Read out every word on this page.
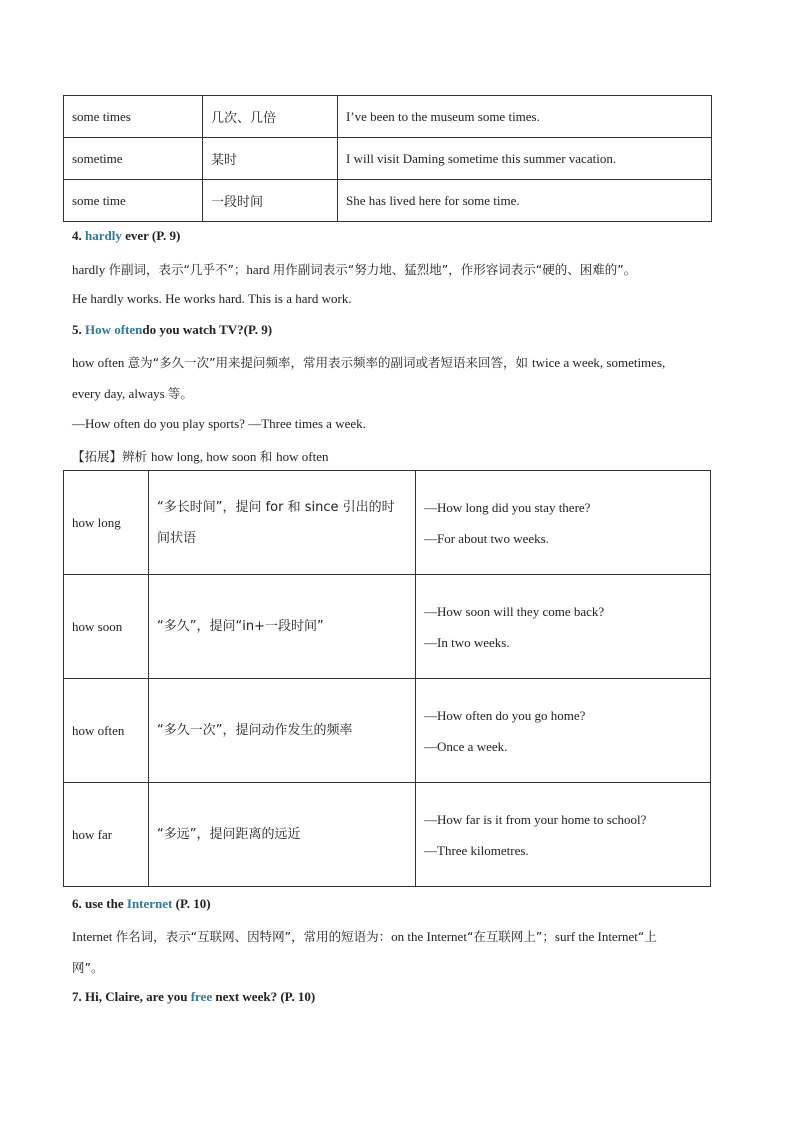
some times	几次、几倍	I’ve been to the museum some times.
sometime	某时	I will visit Daming sometime this summer vacation.
some time	一段时间	She has lived here for some time.
4. hardly ever (P. 9)
hardly 作副词，表示“几乎不”；hard 用作副词表示“努力地、猛烈地”，作形容词表示“硬的、困难的”。
He hardly works. He works hard. This is a hard work.
5. How oftendo you watch TV?(P. 9)
how often 意为“多久一次”用来提问频率，常用表示频率的副词或者短语来回答，如 twice a week, sometimes,
every day, always 等。
—How often do you play sports? —Three times a week.
【拓展】辨析 how long, how soon 和 how often
how long	“多长时间”，提问 for 和 since 引出的时间状语	—How long did you stay there?
—For about two weeks.

how soon	“多久”，提问“in+一段时间”	—How soon will they come back?
—In two weeks.

how often	“多久一次”，提问动作发生的频率	—How often do you go home?
—Once a week.

how far	“多远”，提问距离的远近	—How far is it from your home to school?
—Three kilometres.
6. use the Internet (P. 10)
Internet 作名词，表示“互联网、因特网”，常用的短语为：on the Internet“在互联网上”；surf the Internet“上
网”。
7. Hi, Claire, are you free next week? (P. 10)
